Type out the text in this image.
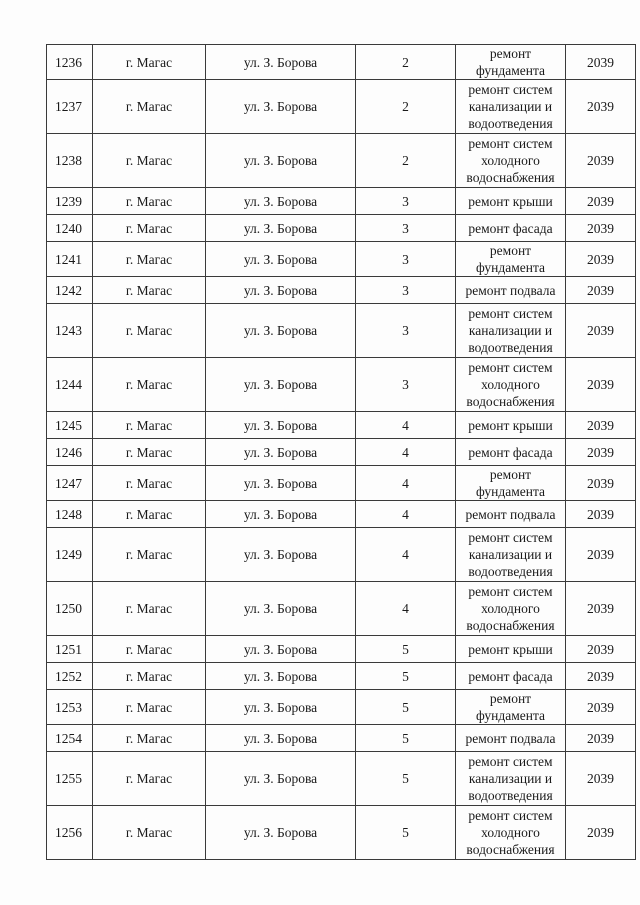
1236	г. Магас	ул. З. Борова	2	ремонт
фундамента	2039
1237	г. Магас	ул. З. Борова	2	ремонт систем
канализации и
водоотведения	2039
1238	г. Магас	ул. З. Борова	2	ремонт систем
холодного
водоснабжения	2039
1239	г. Магас	ул. З. Борова	3	ремонт крыши	2039
1240	г. Магас	ул. З. Борова	3	ремонт фасада	2039
1241	г. Магас	ул. З. Борова	3	ремонт
фундамента	2039
1242	г. Магас	ул. З. Борова	3	ремонт подвала	2039
1243	г. Магас	ул. З. Борова	3	ремонт систем
канализации и
водоотведения	2039
1244	г. Магас	ул. З. Борова	3	ремонт систем
холодного
водоснабжения	2039
1245	г. Магас	ул. З. Борова	4	ремонт крыши	2039
1246	г. Магас	ул. З. Борова	4	ремонт фасада	2039
1247	г. Магас	ул. З. Борова	4	ремонт
фундамента	2039
1248	г. Магас	ул. З. Борова	4	ремонт подвала	2039
1249	г. Магас	ул. З. Борова	4	ремонт систем
канализации и
водоотведения	2039
1250	г. Магас	ул. З. Борова	4	ремонт систем
холодного
водоснабжения	2039
1251	г. Магас	ул. З. Борова	5	ремонт крыши	2039
1252	г. Магас	ул. З. Борова	5	ремонт фасада	2039
1253	г. Магас	ул. З. Борова	5	ремонт
фундамента	2039
1254	г. Магас	ул. З. Борова	5	ремонт подвала	2039
1255	г. Магас	ул. З. Борова	5	ремонт систем
канализации и
водоотведения	2039
1256	г. Магас	ул. З. Борова	5	ремонт систем
холодного
водоснабжения	2039
